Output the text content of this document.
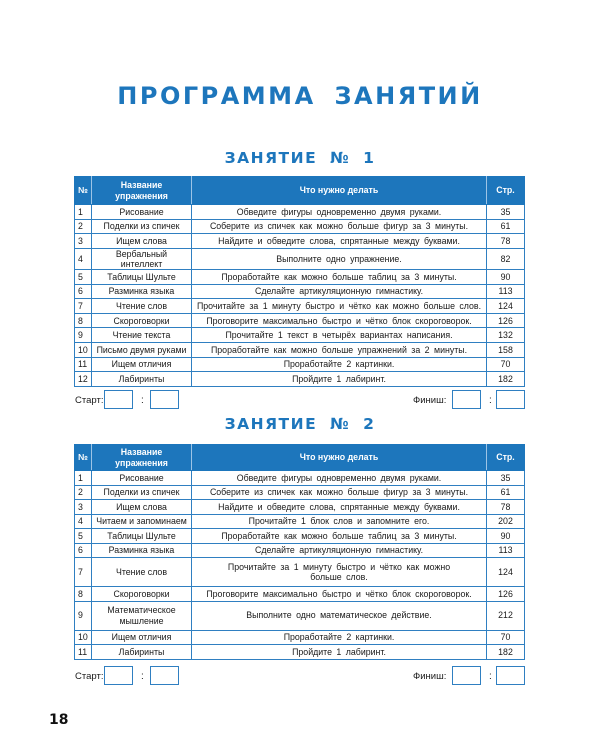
ПРОГРАММА ЗАНЯТИЙ
ЗАНЯТИЕ № 1
№	Название упражнения	Что нужно делать	Стр.
1	Рисование	Обведите фигуры одновременно двумя руками.	35
2	Поделки из спичек	Соберите из спичек как можно больше фигур за 3 минуты.	61
3	Ищем слова	Найдите и обведите слова, спрятанные между буквами.	78
4	Вербальный интеллект	Выполните одно упражнение.	82
5	Таблицы Шульте	Проработайте как можно больше таблиц за 3 минуты.	90
6	Разминка языка	Сделайте артикуляционную гимнастику.	113
7	Чтение слов	Прочитайте за 1 минуту быстро и чётко как можно больше слов.	124
8	Скороговорки	Проговорите максимально быстро и чётко блок скороговорок.	126
9	Чтение текста	Прочитайте 1 текст в четырёх вариантах написания.	132
10	Письмо двумя руками	Проработайте как можно больше упражнений за 2 минуты.	158
11	Ищем отличия	Проработайте 2 картинки.	70
12	Лабиринты	Пройдите 1 лабиринт.	182
Старт:	:	Финиш:	:
ЗАНЯТИЕ № 2
№	Название упражнения	Что нужно делать	Стр.
1	Рисование	Обведите фигуры одновременно двумя руками.	35
2	Поделки из спичек	Соберите из спичек как можно больше фигур за 3 минуты.	61
3	Ищем слова	Найдите и обведите слова, спрятанные между буквами.	78
4	Читаем и запоминаем	Прочитайте 1 блок слов и запомните его.	202
5	Таблицы Шульте	Проработайте как можно больше таблиц за 3 минуты.	90
6	Разминка языка	Сделайте артикуляционную гимнастику.	113
7	Чтение слов	Прочитайте за 1 минуту быстро и чётко как можно больше слов.	124
8	Скороговорки	Проговорите максимально быстро и чётко блок скороговорок.	126
9	Математическое мышление	Выполните одно математическое действие.	212
10	Ищем отличия	Проработайте 2 картинки.	70
11	Лабиринты	Пройдите 1 лабиринт.	182
Старт:	:	Финиш:	:
18
